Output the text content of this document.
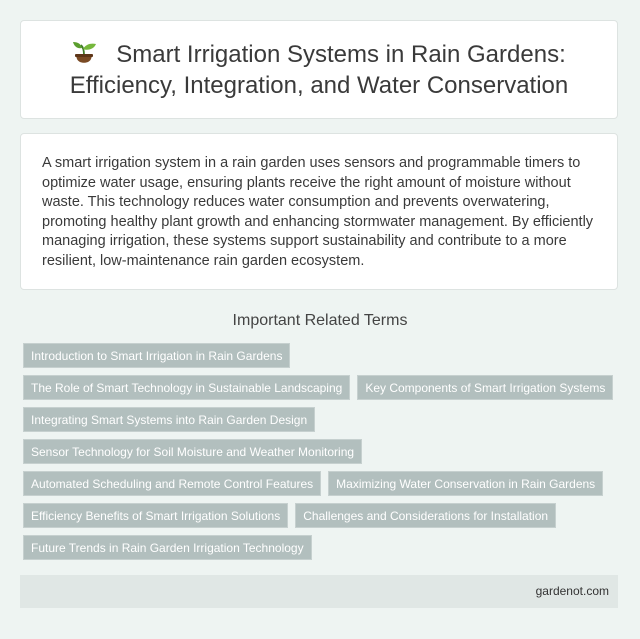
Smart Irrigation Systems in Rain Gardens:
Efficiency, Integration, and Water Conservation

A smart irrigation system in a rain garden uses sensors and programmable timers to optimize water usage, ensuring plants receive the right amount of moisture without waste. This technology reduces water consumption and prevents overwatering, promoting healthy plant growth and enhancing stormwater management. By efficiently managing irrigation, these systems support sustainability and contribute to a more resilient, low-maintenance rain garden ecosystem.

Important Related Terms
Introduction to Smart Irrigation in Rain Gardens
The Role of Smart Technology in Sustainable Landscaping	Key Components of Smart Irrigation Systems
Integrating Smart Systems into Rain Garden Design
Sensor Technology for Soil Moisture and Weather Monitoring
Automated Scheduling and Remote Control Features	Maximizing Water Conservation in Rain Gardens
Efficiency Benefits of Smart Irrigation Solutions	Challenges and Considerations for Installation
Future Trends in Rain Garden Irrigation Technology
gardenot.com
